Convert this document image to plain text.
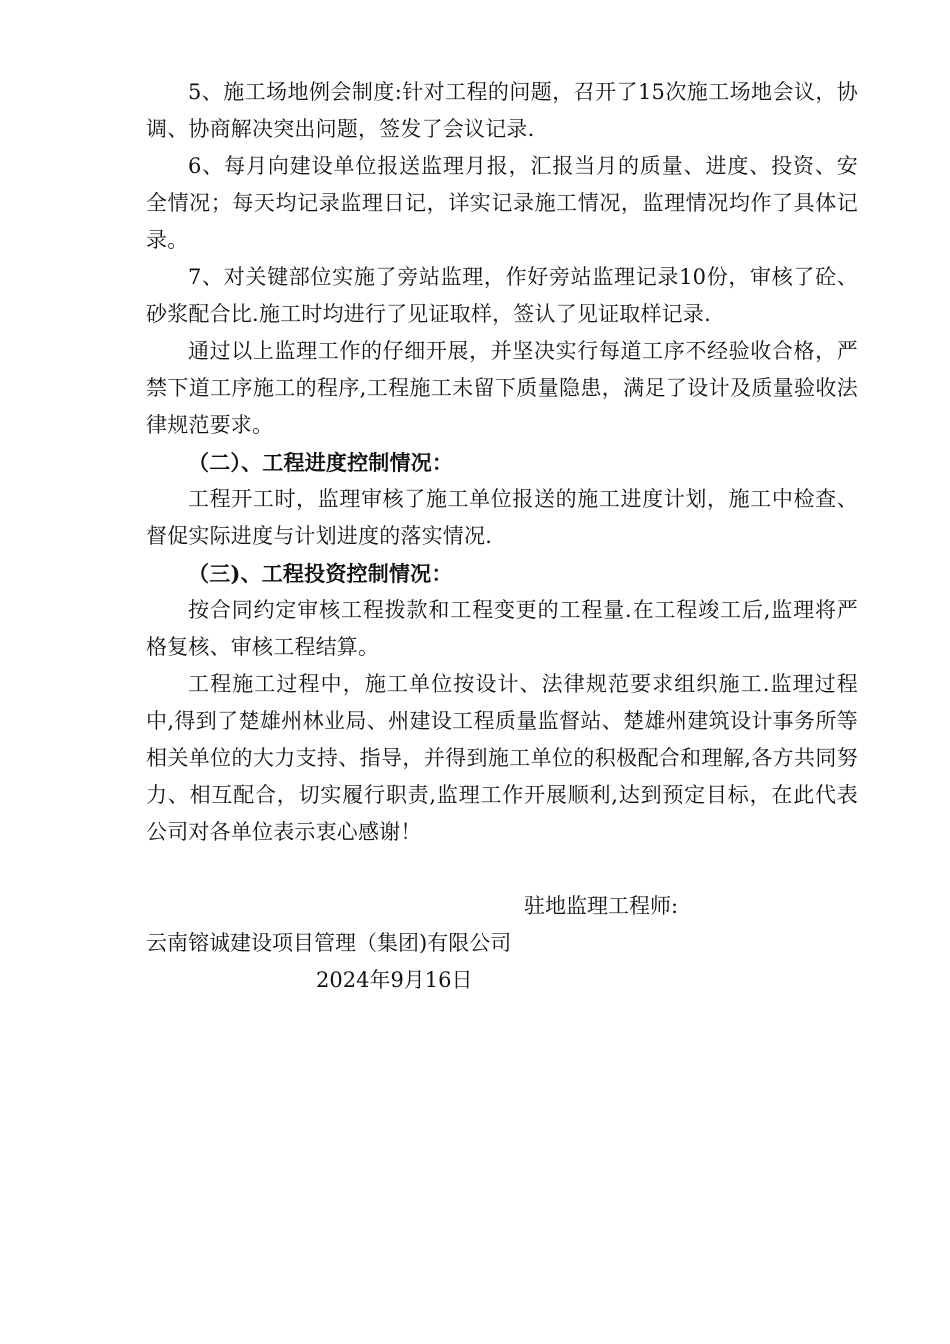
5、施工场地例会制度:针对工程的问题，召开了15次施工场地会议，协调、协商解决突出问题，签发了会议记录.

6、每月向建设单位报送监理月报，汇报当月的质量、进度、投资、安全情况；每天均记录监理日记，详实记录施工情况，监理情况均作了具体记录。

7、对关键部位实施了旁站监理，作好旁站监理记录10份，审核了砼、砂浆配合比.施工时均进行了见证取样，签认了见证取样记录.

通过以上监理工作的仔细开展，并坚决实行每道工序不经验收合格，严禁下道工序施工的程序,工程施工未留下质量隐患，满足了设计及质量验收法律规范要求。

（二）、工程进度控制情况：

工程开工时，监理审核了施工单位报送的施工进度计划，施工中检查、督促实际进度与计划进度的落实情况.

（三)、工程投资控制情况：

按合同约定审核工程拨款和工程变更的工程量.在工程竣工后,监理将严格复核、审核工程结算。

工程施工过程中，施工单位按设计、法律规范要求组织施工.监理过程中,得到了楚雄州林业局、州建设工程质量监督站、楚雄州建筑设计事务所等相关单位的大力支持、指导，并得到施工单位的积极配合和理解,各方共同努力、相互配合，切实履行职责,监理工作开展顺利,达到预定目标，在此代表公司对各单位表示衷心感谢！

驻地监理工程师:
云南镕诚建设项目管理（集团)有限公司
2024年9月16日
